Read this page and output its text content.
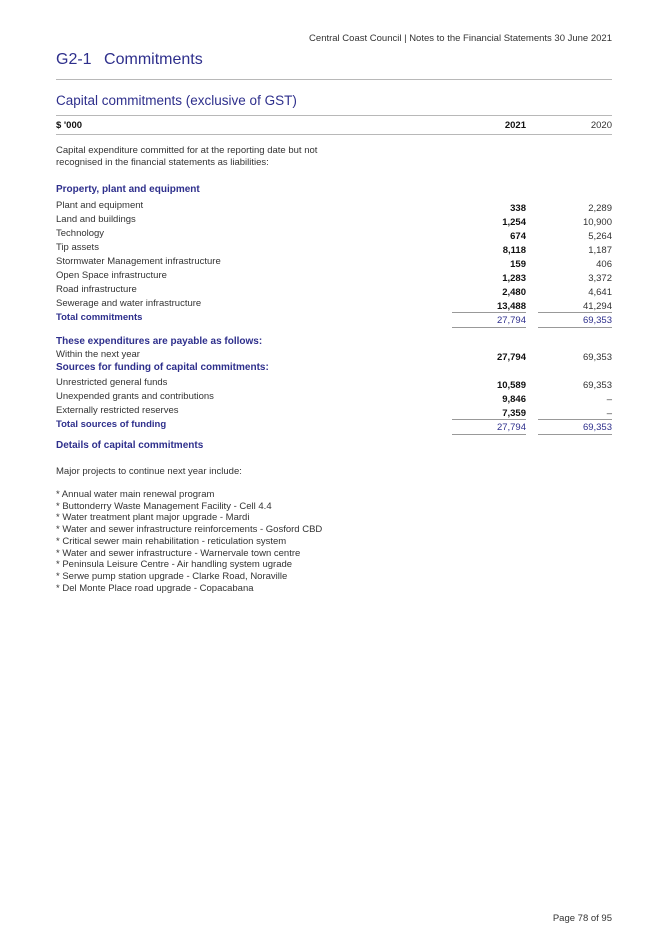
Central Coast Council | Notes to the Financial Statements 30 June 2021
G2-1 Commitments
Capital commitments (exclusive of GST)
$ '000	2021	2020
Capital expenditure committed for at the reporting date but not recognised in the financial statements as liabilities:
Property, plant and equipment
Plant and equipment	338	2,289
Land and buildings	1,254	10,900
Technology	674	5,264
Tip assets	8,118	1,187
Stormwater Management infrastructure	159	406
Open Space infrastructure	1,283	3,372
Road infrastructure	2,480	4,641
Sewerage and water infrastructure	13,488	41,294
Total commitments	27,794	69,353
These expenditures are payable as follows:
Within the next year	27,794	69,353
Sources for funding of capital commitments:
Unrestricted general funds	10,589	69,353
Unexpended grants and contributions	9,846	–
Externally restricted reserves	7,359	–
Total sources of funding	27,794	69,353
Details of capital commitments
Major projects to continue next year include:
* Annual water main renewal program
* Buttonderry Waste Management Facility - Cell 4.4
* Water treatment plant major upgrade - Mardi
* Water and sewer infrastructure reinforcements - Gosford CBD
* Critical sewer main rehabilitation - reticulation system
* Water and sewer infrastructure - Warnervale town centre
* Peninsula Leisure Centre - Air handling system ugrade
* Serwe pump station upgrade - Clarke Road, Noraville
* Del Monte Place road upgrade - Copacabana
Page 78 of 95
